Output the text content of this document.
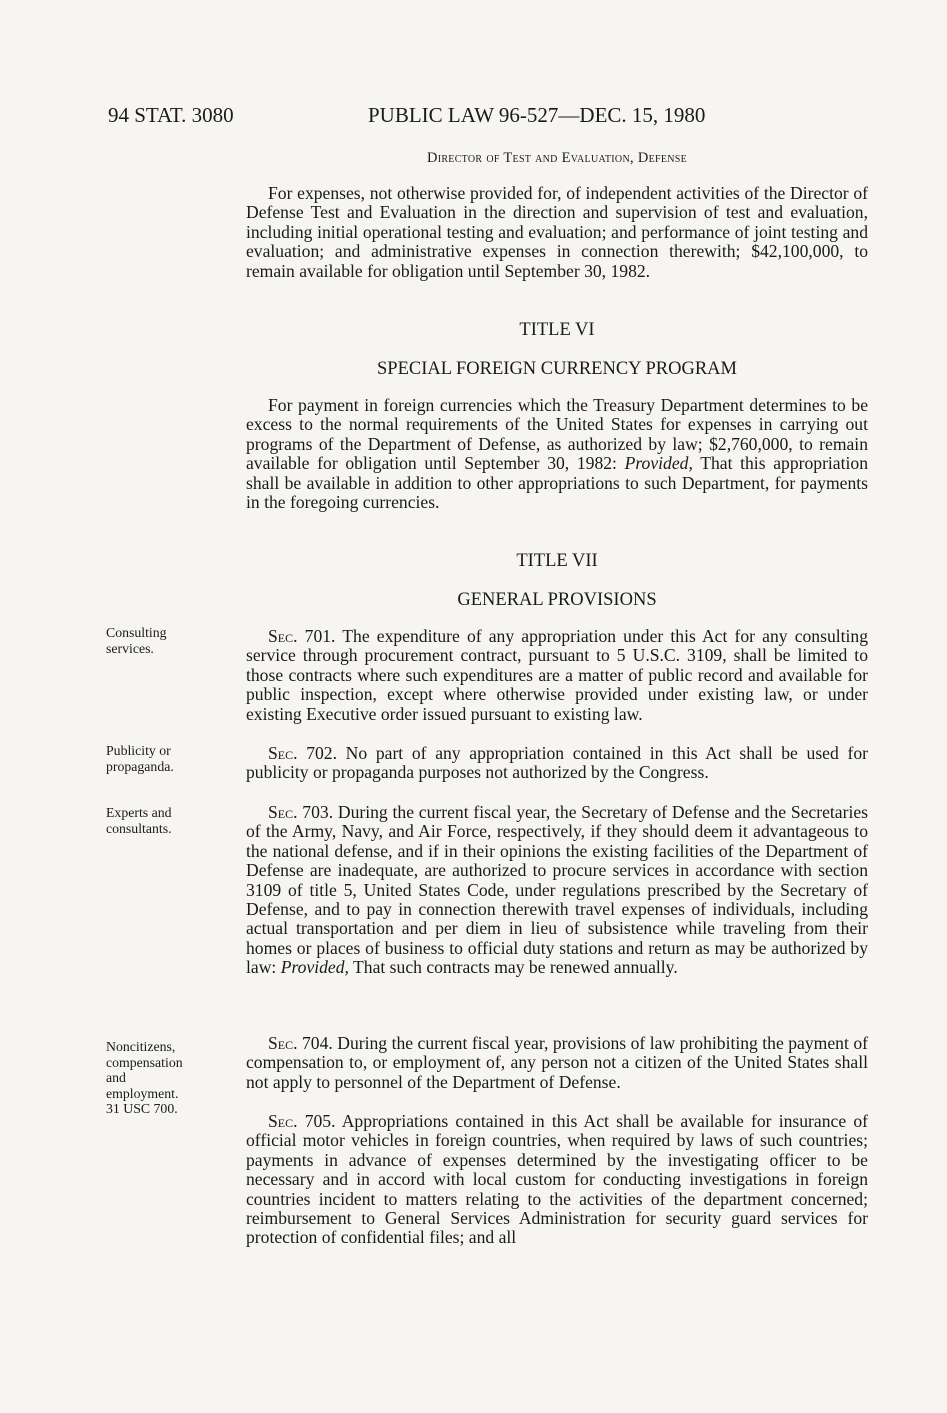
94 STAT. 3080	PUBLIC LAW 96-527—DEC. 15, 1980
Director of Test and Evaluation, Defense

For expenses, not otherwise provided for, of independent activities of the Director of Defense Test and Evaluation in the direction and supervision of test and evaluation, including initial operational testing and evaluation; and performance of joint testing and evaluation; and administrative expenses in connection therewith; $42,100,000, to remain available for obligation until September 30, 1982.

TITLE VI
SPECIAL FOREIGN CURRENCY PROGRAM

For payment in foreign currencies which the Treasury Department determines to be excess to the normal requirements of the United States for expenses in carrying out programs of the Department of Defense, as authorized by law; $2,760,000, to remain available for obligation until September 30, 1982: Provided, That this appropriation shall be available in addition to other appropriations to such Department, for payments in the foregoing currencies.

TITLE VII
GENERAL PROVISIONS

Sec. 701. The expenditure of any appropriation under this Act for any consulting service through procurement contract, pursuant to 5 U.S.C. 3109, shall be limited to those contracts where such expenditures are a matter of public record and available for public inspection, except where otherwise provided under existing law, or under existing Executive order issued pursuant to existing law.

Sec. 702. No part of any appropriation contained in this Act shall be used for publicity or propaganda purposes not authorized by the Congress.

Sec. 703. During the current fiscal year, the Secretary of Defense and the Secretaries of the Army, Navy, and Air Force, respectively, if they should deem it advantageous to the national defense, and if in their opinions the existing facilities of the Department of Defense are inadequate, are authorized to procure services in accordance with section 3109 of title 5, United States Code, under regulations prescribed by the Secretary of Defense, and to pay in connection therewith travel expenses of individuals, including actual transportation and per diem in lieu of subsistence while traveling from their homes or places of business to official duty stations and return as may be authorized by law: Provided, That such contracts may be renewed annually.

Sec. 704. During the current fiscal year, provisions of law prohibiting the payment of compensation to, or employment of, any person not a citizen of the United States shall not apply to personnel of the Department of Defense.

Sec. 705. Appropriations contained in this Act shall be available for insurance of official motor vehicles in foreign countries, when required by laws of such countries; payments in advance of expenses determined by the investigating officer to be necessary and in accord with local custom for conducting investigations in foreign countries incident to matters relating to the activities of the department concerned; reimbursement to General Services Administration for security guard services for protection of confidential files; and all

Consulting
services.
Publicity or
propaganda.
Experts and
consultants.
Noncitizens,
compensation
and
employment.
31 USC 700.
